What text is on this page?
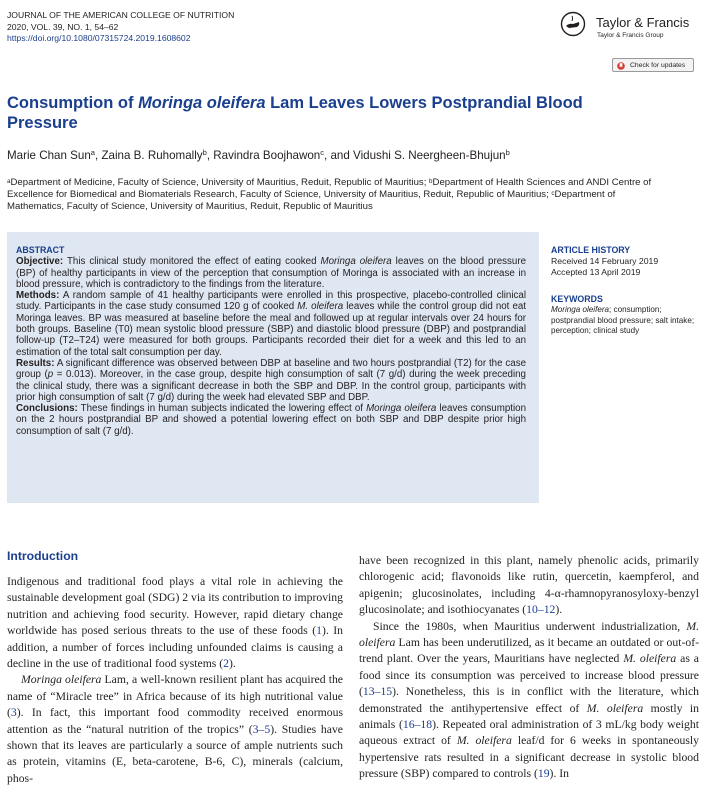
JOURNAL OF THE AMERICAN COLLEGE OF NUTRITION
2020, VOL. 39, NO. 1, 54–62
https://doi.org/10.1080/07315724.2019.1608602
Taylor & Francis
Taylor & Francis Group
Check for updates
Consumption of Moringa oleifera Lam Leaves Lowers Postprandial Blood Pressure
Marie Chan Sun$^a$, Zaina B. Ruhomally$^b$, Ravindra Boojhawon$^c$, and Vidushi S. Neergheen-Bhujun$^b$
$^a$Department of Medicine, Faculty of Science, University of Mauritius, Reduit, Republic of Mauritius; $^b$Department of Health Sciences and ANDI Centre of Excellence for Biomedical and Biomaterials Research, Faculty of Science, University of Mauritius, Reduit, Republic of Mauritius; $^c$Department of Mathematics, Faculty of Science, University of Mauritius, Reduit, Republic of Mauritius
ABSTRACT

Objective: This clinical study monitored the effect of eating cooked Moringa oleifera leaves on the blood pressure (BP) of healthy participants in view of the perception that consumption of Moringa is associated with an increase in blood pressure, which is contradictory to the findings from the literature.

Methods: A random sample of 41 healthy participants were enrolled in this prospective, placebo-controlled clinical study. Participants in the case study consumed 120 g of cooked M. oleifera leaves while the control group did not eat Moringa leaves. BP was measured at baseline before the meal and followed up at regular intervals over 24 hours for both groups. Baseline (T0) mean systolic blood pressure (SBP) and diastolic blood pressure (DBP) and postprandial follow-up (T2–T24) were measured for both groups. Participants recorded their diet for a week and this led to an estimation of the total salt consumption per day.

Results: A significant difference was observed between DBP at baseline and two hours postprandial (T2) for the case group (p = 0.013). Moreover, in the case group, despite high consumption of salt (7 g/d) during the week preceding the clinical study, there was a significant decrease in both the SBP and DBP. In the control group, participants with prior high consumption of salt (7 g/d) during the week had elevated SBP and DBP.

Conclusions: These findings in human subjects indicated the lowering effect of Moringa oleifera leaves consumption on the 2 hours postprandial BP and showed a potential lowering effect on both SBP and DBP despite prior high consumption of salt (7 g/d).

ARTICLE HISTORY
Received 14 February 2019
Accepted 13 April 2019
KEYWORDS
Moringa oleifera; consumption; postprandial blood pressure; salt intake; perception; clinical study
Introduction

Indigenous and traditional food plays a vital role in achieving the sustainable development goal (SDG) 2 via its contribution to improving nutrition and achieving food security. However, rapid dietary change worldwide has posed serious threats to the use of these foods (1). In addition, a number of forces including unfounded claims is causing a decline in the use of traditional food systems (2).

Moringa oleifera Lam, a well-known resilient plant has acquired the name of “Miracle tree” in Africa because of its high nutritional value (3). In fact, this important food commodity received enormous attention as the “natural nutrition of the tropics” (3–5). Studies have shown that its leaves are particularly a source of ample nutrients such as protein, vitamins (E, beta-carotene, B-6, C), minerals (calcium, phos-

have been recognized in this plant, namely phenolic acids, primarily chlorogenic acid; flavonoids like rutin, quercetin, kaempferol, and apigenin; glucosinolates, including 4-α-rhamnopyranosyloxy-benzyl glucosinolate; and isothiocyanates (10–12).

Since the 1980s, when Mauritius underwent industrialization, M. oleifera Lam has been underutilized, as it became an outdated or out-of-trend plant. Over the years, Mauritians have neglected M. oleifera as a food since its consumption was perceived to increase blood pressure (13–15). Nonetheless, this is in conflict with the literature, which demonstrated the antihypertensive effect of M. oleifera mostly in animals (16–18). Repeated oral administration of 3 mL/kg body weight aqueous extract of M. oleifera leaf/d for 6 weeks in spontaneously hypertensive rats resulted in a significant decrease in systolic blood pressure (SBP) compared to controls (19). In
